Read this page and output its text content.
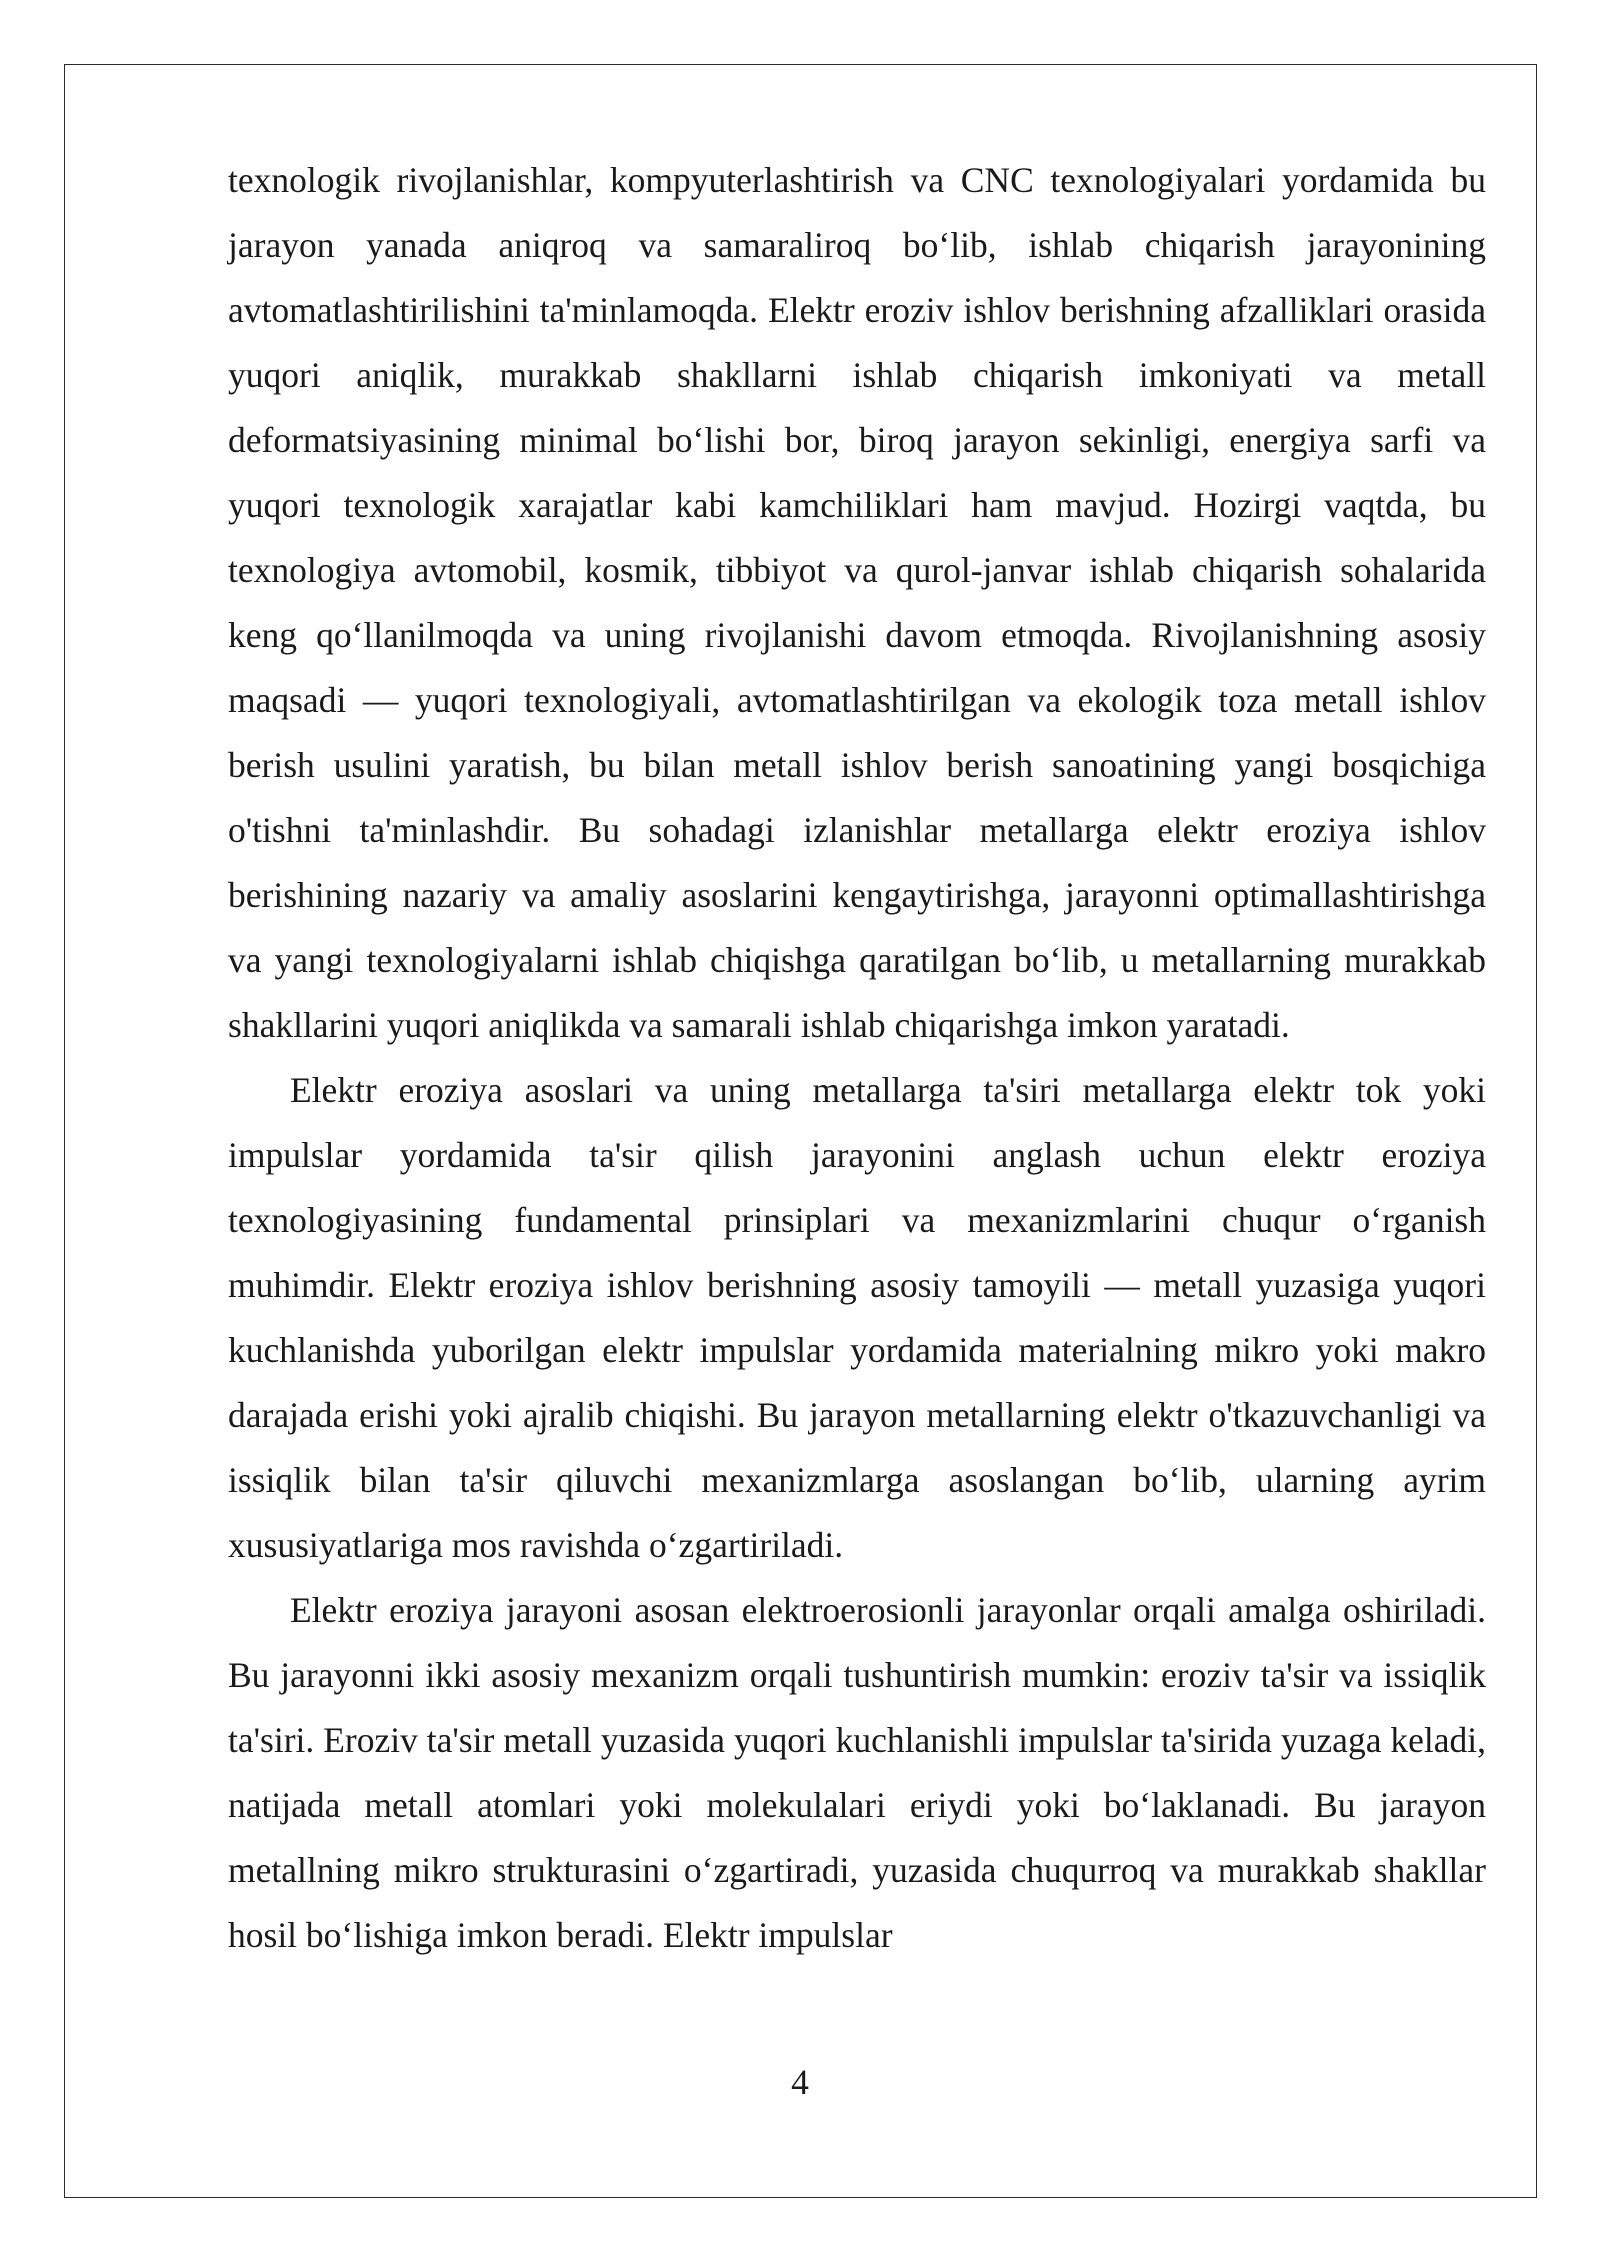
texnologik rivojlanishlar, kompyuterlashtirish va CNC texnologiyalari yordamida bu jarayon yanada aniqroq va samaraliroq bo‘lib, ishlab chiqarish jarayonining avtomatlashtirilishini ta'minlamoqda. Elektr eroziv ishlov berishning afzalliklari orasida yuqori aniqlik, murakkab shakllarni ishlab chiqarish imkoniyati va metall deformatsiyasining minimal bo‘lishi bor, biroq jarayon sekinligi, energiya sarfi va yuqori texnologik xarajatlar kabi kamchiliklari ham mavjud. Hozirgi vaqtda, bu texnologiya avtomobil, kosmik, tibbiyot va qurol-janvar ishlab chiqarish sohalarida keng qo‘llanilmoqda va uning rivojlanishi davom etmoqda. Rivojlanishning asosiy maqsadi — yuqori texnologiyali, avtomatlashtirilgan va ekologik toza metall ishlov berish usulini yaratish, bu bilan metall ishlov berish sanoatining yangi bosqichiga o'tishni ta'minlashdir. Bu sohadagi izlanishlar metallarga elektr eroziya ishlov berishining nazariy va amaliy asoslarini kengaytirishga, jarayonni optimallashtirishga va yangi texnologiyalarni ishlab chiqishga qaratilgan bo‘lib, u metallarning murakkab shakllarini yuqori aniqlikda va samarali ishlab chiqarishga imkon yaratadi.

Elektr eroziya asoslari va uning metallarga ta'siri metallarga elektr tok yoki impulslar yordamida ta'sir qilish jarayonini anglash uchun elektr eroziya texnologiyasining fundamental prinsiplari va mexanizmlarini chuqur o‘rganish muhimdir. Elektr eroziya ishlov berishning asosiy tamoyili — metall yuzasiga yuqori kuchlanishda yuborilgan elektr impulslar yordamida materialning mikro yoki makro darajada erishi yoki ajralib chiqishi. Bu jarayon metallarning elektr o'tkazuvchanligi va issiqlik bilan ta'sir qiluvchi mexanizmlarga asoslangan bo‘lib, ularning ayrim xususiyatlariga mos ravishda o‘zgartiriladi.

Elektr eroziya jarayoni asosan elektroerosionli jarayonlar orqali amalga oshiriladi. Bu jarayonni ikki asosiy mexanizm orqali tushuntirish mumkin: eroziv ta'sir va issiqlik ta'siri. Eroziv ta'sir metall yuzasida yuqori kuchlanishli impulslar ta'sirida yuzaga keladi, natijada metall atomlari yoki molekulalari eriydi yoki bo‘laklanadi. Bu jarayon metallning mikro strukturasini o‘zgartiradi, yuzasida chuqurroq va murakkab shakllar hosil bo‘lishiga imkon beradi. Elektr impulslar

4
